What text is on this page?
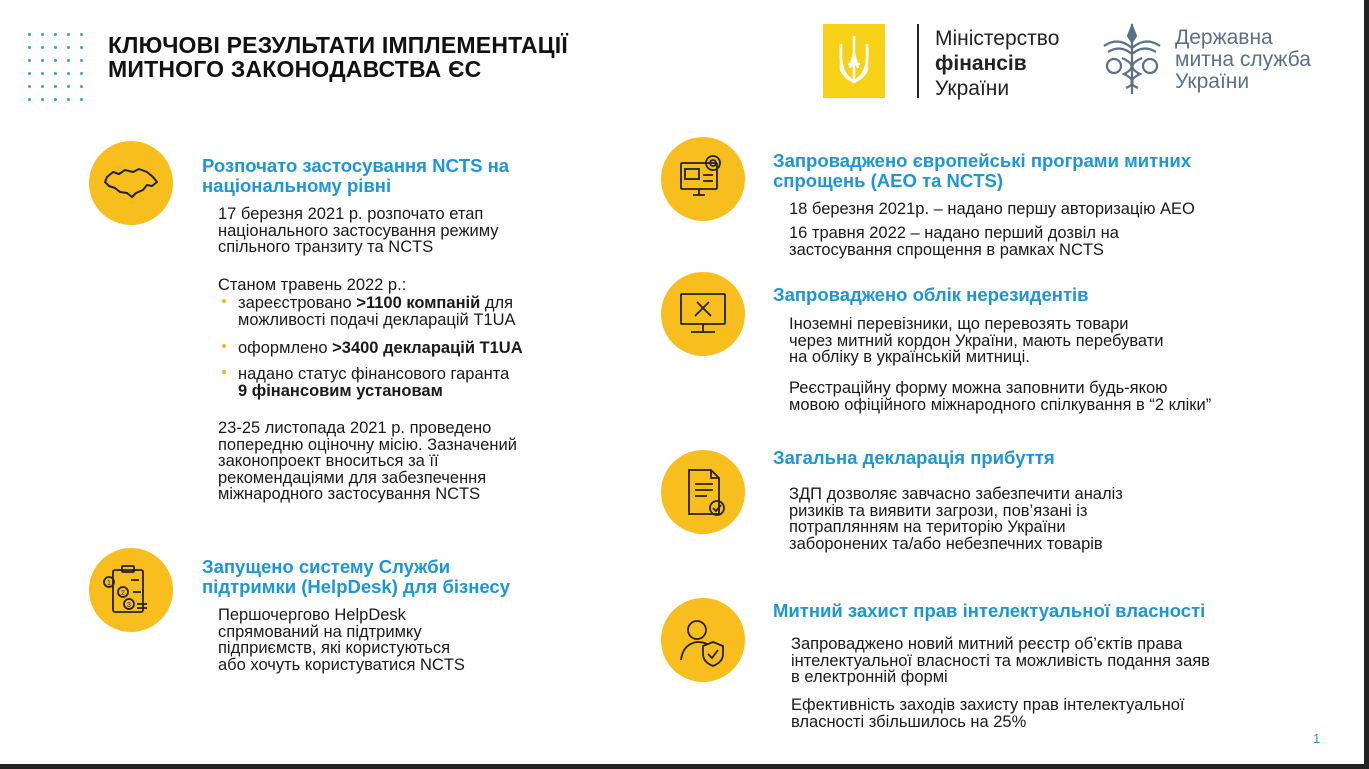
КЛЮЧОВІ РЕЗУЛЬТАТИ ІМПЛЕМЕНТАЦІЇ
МИТНОГО ЗАКОНОДАВСТВА ЄС
Міністерство
фінансів
України
Державна
митна служба
України
Розпочато застосування NCTS на
національному рівні
17 березня 2021 р. розпочато етап
національного застосування режиму
спільного транзиту та NCTS
Станом травень 2022 р.:
зареєстровано >1100 компаній для
можливості подачі декларацій T1UA
оформлено >3400 декларацій T1UA
надано статус фінансового гаранта
9 фінансовим установам
23-25 листопада 2021 р. проведено
попередню оціночну місію. Зазначений
законопроект вноситься за її
рекомендаціями для забезпечення
міжнародного застосування NCTS
1
2
3
Запущено систему Служби
підтримки (HelpDesk) для бізнесу
Першочергово HelpDesk
спрямований на підтримку
підприємств, які користуються
або хочуть користуватися NCTS
Запроваджено європейські програми митних
спрощень (АЕО та NCTS)
18 березня 2021р. – надано першу авторизацію АЕО
16 травня 2022 – надано перший дозвіл на
застосування спрощення в рамках NCTS
Запроваджено облік нерезидентів
Іноземні перевізники, що перевозять товари
через митний кордон України, мають перебувати
на обліку в українській митниці.
Реєстраційну форму можна заповнити будь-якою
мовою офіційного міжнародного спілкування в “2 кліки”
Загальна декларація прибуття
ЗДП дозволяє завчасно забезпечити аналіз
ризиків та виявити загрози, пов’язані із
потраплянням на територію України
заборонених та/або небезпечних товарів
Митний захист прав інтелектуальної власності
Запроваджено новий митний реєстр об’єктів права
інтелектуальної власності та можливість подання заяв
в електронній формі
Ефективність заходів захисту прав інтелектуальної
власності збільшилось на 25%
1
